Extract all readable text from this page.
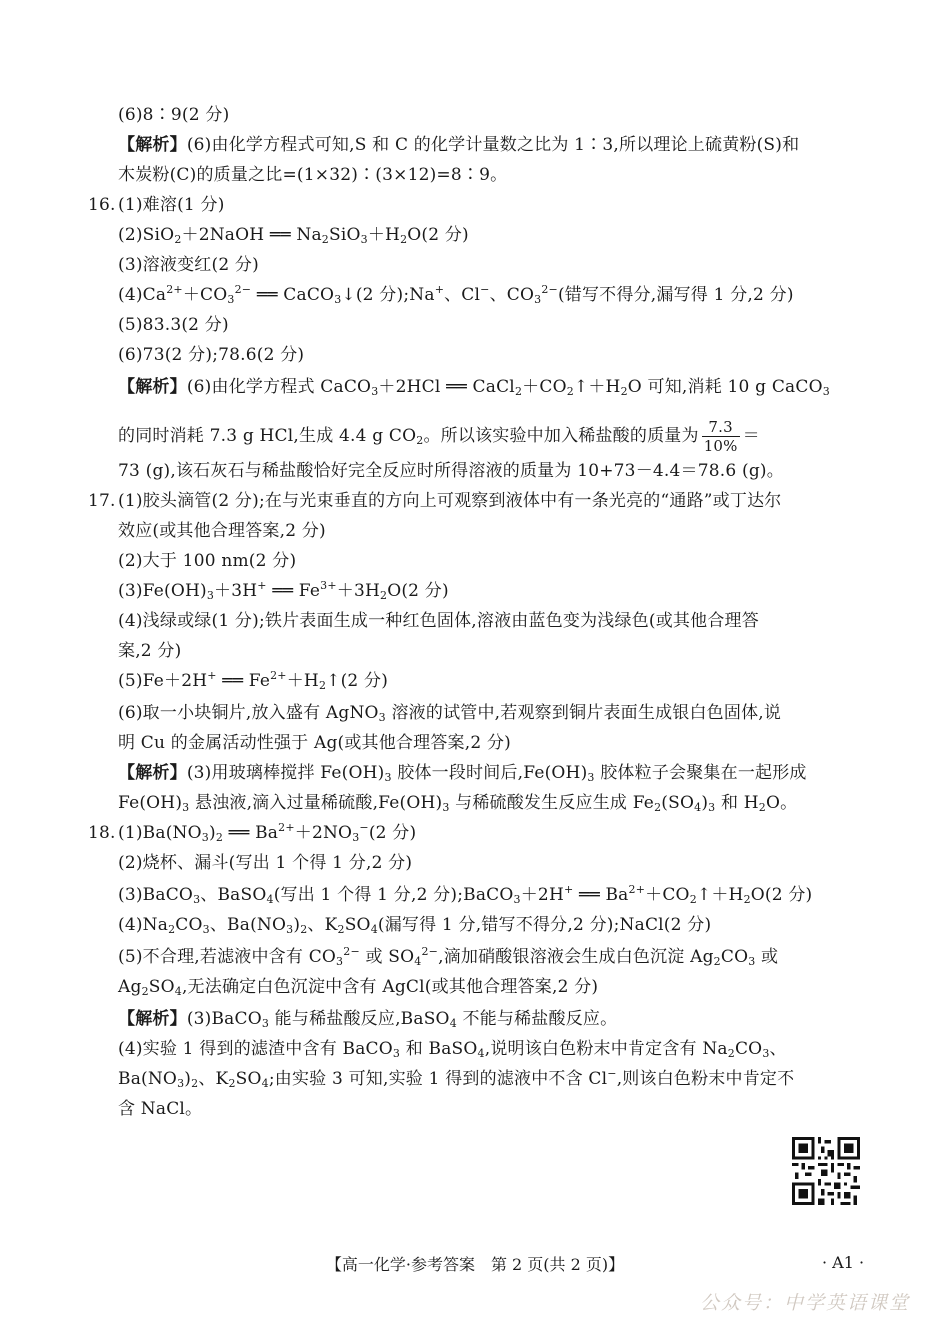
(6)8∶9(2 分)
【解析】(6)由化学方程式可知,S 和 C 的化学计量数之比为 1∶3,所以理论上硫黄粉(S)和
木炭粉(C)的质量之比=(1×32)∶(3×12)=8∶9。
16. (1)难溶(1 分)
(2)SiO$_2$＋2NaOH ══ $Na_2SiO_3+H_2O(2$ 分)
(3)溶液变红(2 分)
$(4)Ca^{2+}+CO_3^{2-}$ ══ CaCO$_3$↓(2 分);Na+、Cl−、$CO_3^{2-}$(错写不得分,漏写得 1 分,2 分)
(5)83.3(2 分)
(6)73(2 分);78.6(2 分)
【解析】(6)由化学方程式 CaCO$_3$＋2HCl ══ $CaCl_2+CO_2↑+H_2O$ 可知,消耗 10 g CaCO$_3$
的同时消耗 7.3 g HCl,生成 4.4 g $CO_2$。所以该实验中加入稀盐酸的质量为 $\frac{7.3}{10\%}$ ＝
73 (g),该石灰石与稀盐酸恰好完全反应时所得溶液的质量为 10+73－4.4＝78.6 (g)。
17. (1)胶头滴管(2 分);在与光束垂直的方向上可观察到液体中有一条光亮的“通路”或丁达尔
效应(或其他合理答案,2 分)
(2)大于 100 nm(2 分)
$(3)Fe(OH)_3+3H^+$ ══ $Fe^{3+}+3H_2O(2$ 分)
(4)浅绿或绿(1 分);铁片表面生成一种红色固体,溶液由蓝色变为浅绿色(或其他合理答
案,2 分)
(5)Fe＋2H+ ══ $Fe^{2+}+H_2↑(2$ 分)
(6)取一小块铜片,放入盛有 AgNO$_3$ 溶液的试管中,若观察到铜片表面生成银白色固体,说
明 Cu 的金属活动性强于 Ag(或其他合理答案,2 分)
【解析】(3)用玻璃棒搅拌 $Fe(OH)_3$ 胶体一段时间后$,Fe(OH)_3$ 胶体粒子会聚集在一起形成
$Fe(OH)_3$ 悬浊液,滴入过量稀硫酸$,Fe(OH)_3$ 与稀硫酸发生反应生成 $Fe_2(SO_4)_3$ 和 $H_2O$。
18. $(1)Ba(NO_3)_2$ ══ $Ba^{2+}+2NO_3^-(2$ 分)
(2)烧杯、漏斗(写出 1 个得 1 分,2 分)
(3)BaCO$_3$、BaSO$_4$(写出 1 个得 1 分,2 分);BaCO$_3$＋2H+ ══ $Ba^{2+}+CO_2↑+H_2O(2$ 分)
$(4)Na_2CO_3$、$Ba(NO_3)_2$、$K_2SO_4$(漏写得 1 分,错写不得分,2 分);NaCl(2 分)
(5)不合理,若滤液中含有 $CO_3^{2-}$ 或 $SO_4^{2-}$,滴加硝酸银溶液会生成白色沉淀 $Ag_2CO_3$ 或
$Ag_2SO_4$,无法确定白色沉淀中含有 AgCl(或其他合理答案,2 分)
【解析】(3)BaCO$_3$ 能与稀盐酸反应,BaSO$_4$ 不能与稀盐酸反应。
(4)实验 1 得到的滤渣中含有 BaCO$_3$ 和 BaSO$_4$,说明该白色粉末中肯定含有 $Na_2CO_3$、
$Ba(NO_3)_2$、$K_2SO_4$;由实验 3 可知,实验 1 得到的滤液中不含 Cl−,则该白色粉末中肯定不
含 NaCl。
【高一化学·参考答案　第 2 页(共 2 页)】	· A1 ·
公众号：中学英语课堂
